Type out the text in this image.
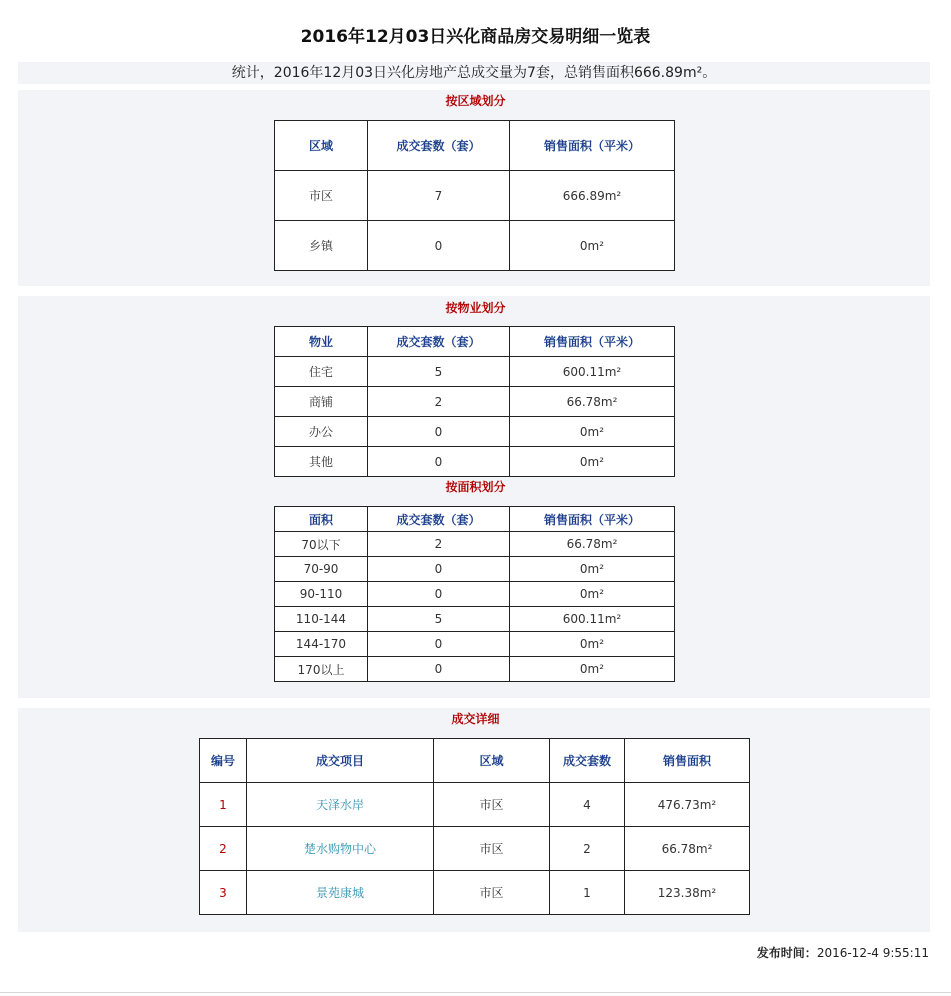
2016年12月03日兴化商品房交易明细一览表
统计，2016年12月03日兴化房地产总成交量为7套，总销售面积666.89m²。
按区域划分
区域	成交套数（套）	销售面积（平米）
市区	7	666.89m²
乡镇	0	0m²
按物业划分
物业	成交套数（套）	销售面积（平米）
住宅	5	600.11m²
商铺	2	66.78m²
办公	0	0m²
其他	0	0m²
按面积划分
面积	成交套数（套）	销售面积（平米）
70以下	2	66.78m²
70-90	0	0m²
90-110	0	0m²
110-144	5	600.11m²
144-170	0	0m²
170以上	0	0m²
成交详细
编号	成交项目	区域	成交套数	销售面积
1	天泽水岸	市区	4	476.73m²
2	楚水购物中心	市区	2	66.78m²
3	景苑康城	市区	1	123.38m²
发布时间：2016-12-4 9:55:11
